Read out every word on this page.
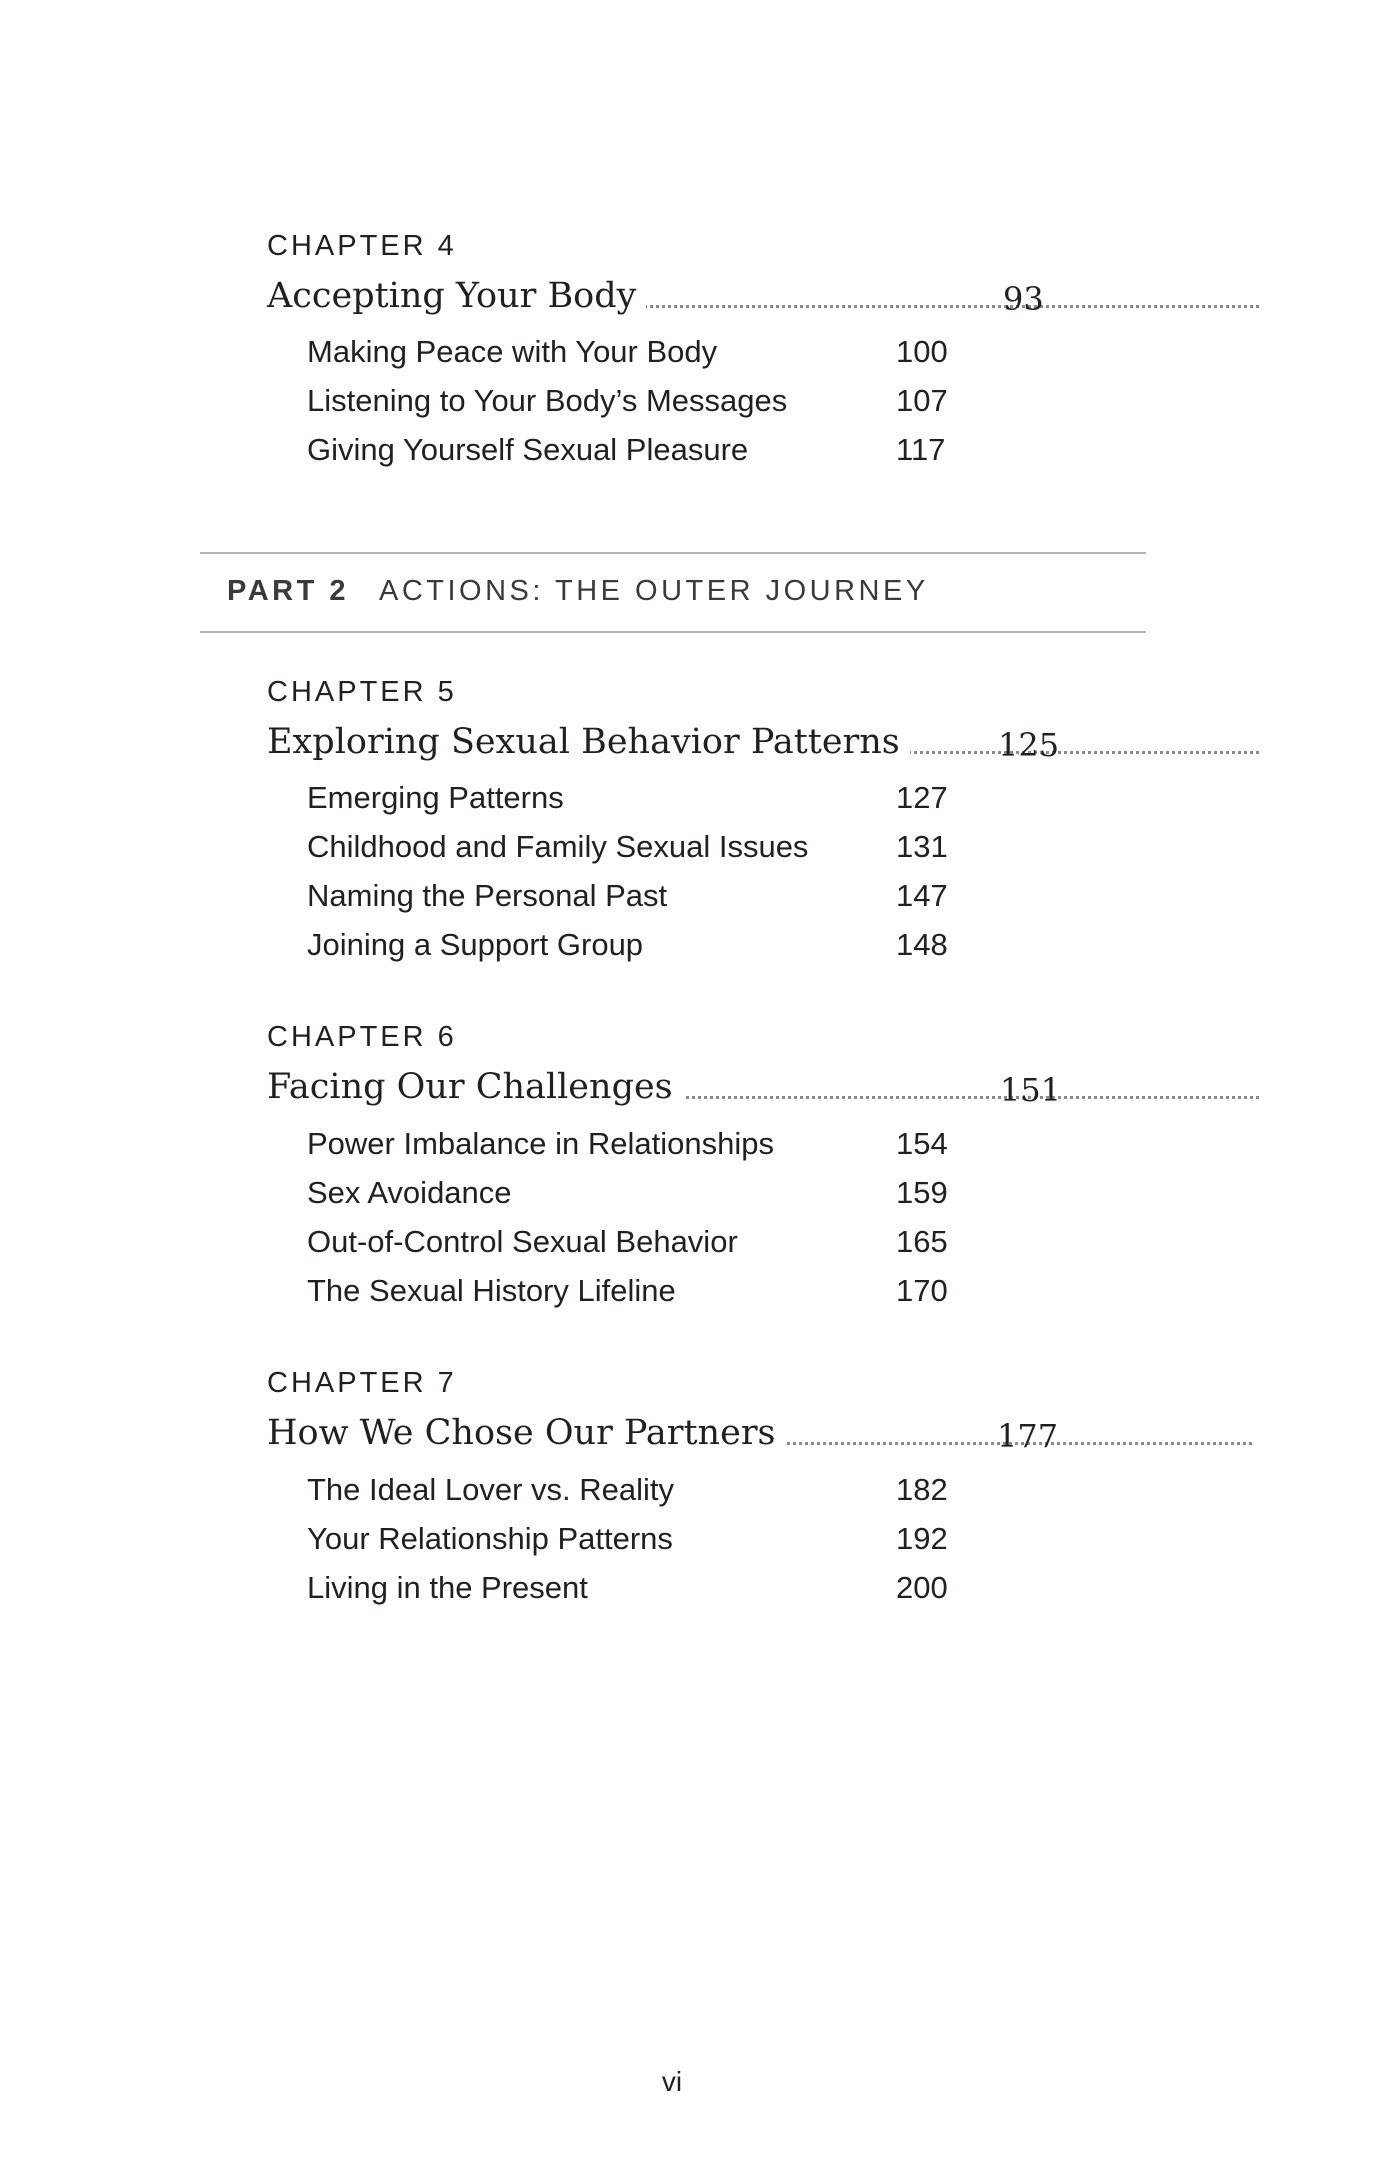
CHAPTER 4
Accepting Your Body	93
Making Peace with Your Body	100
Listening to Your Body’s Messages	107
Giving Yourself Sexual Pleasure	117
PART 2 ACTIONS: THE OUTER JOURNEY
CHAPTER 5
Exploring Sexual Behavior Patterns	125
Emerging Patterns	127
Childhood and Family Sexual Issues	131
Naming the Personal Past	147
Joining a Support Group	148
CHAPTER 6
Facing Our Challenges	151
Power Imbalance in Relationships	154
Sex Avoidance	159
Out-of-Control Sexual Behavior	165
The Sexual History Lifeline	170
CHAPTER 7
How We Chose Our Partners	177
The Ideal Lover vs. Reality	182
Your Relationship Patterns	192
Living in the Present	200
vi
